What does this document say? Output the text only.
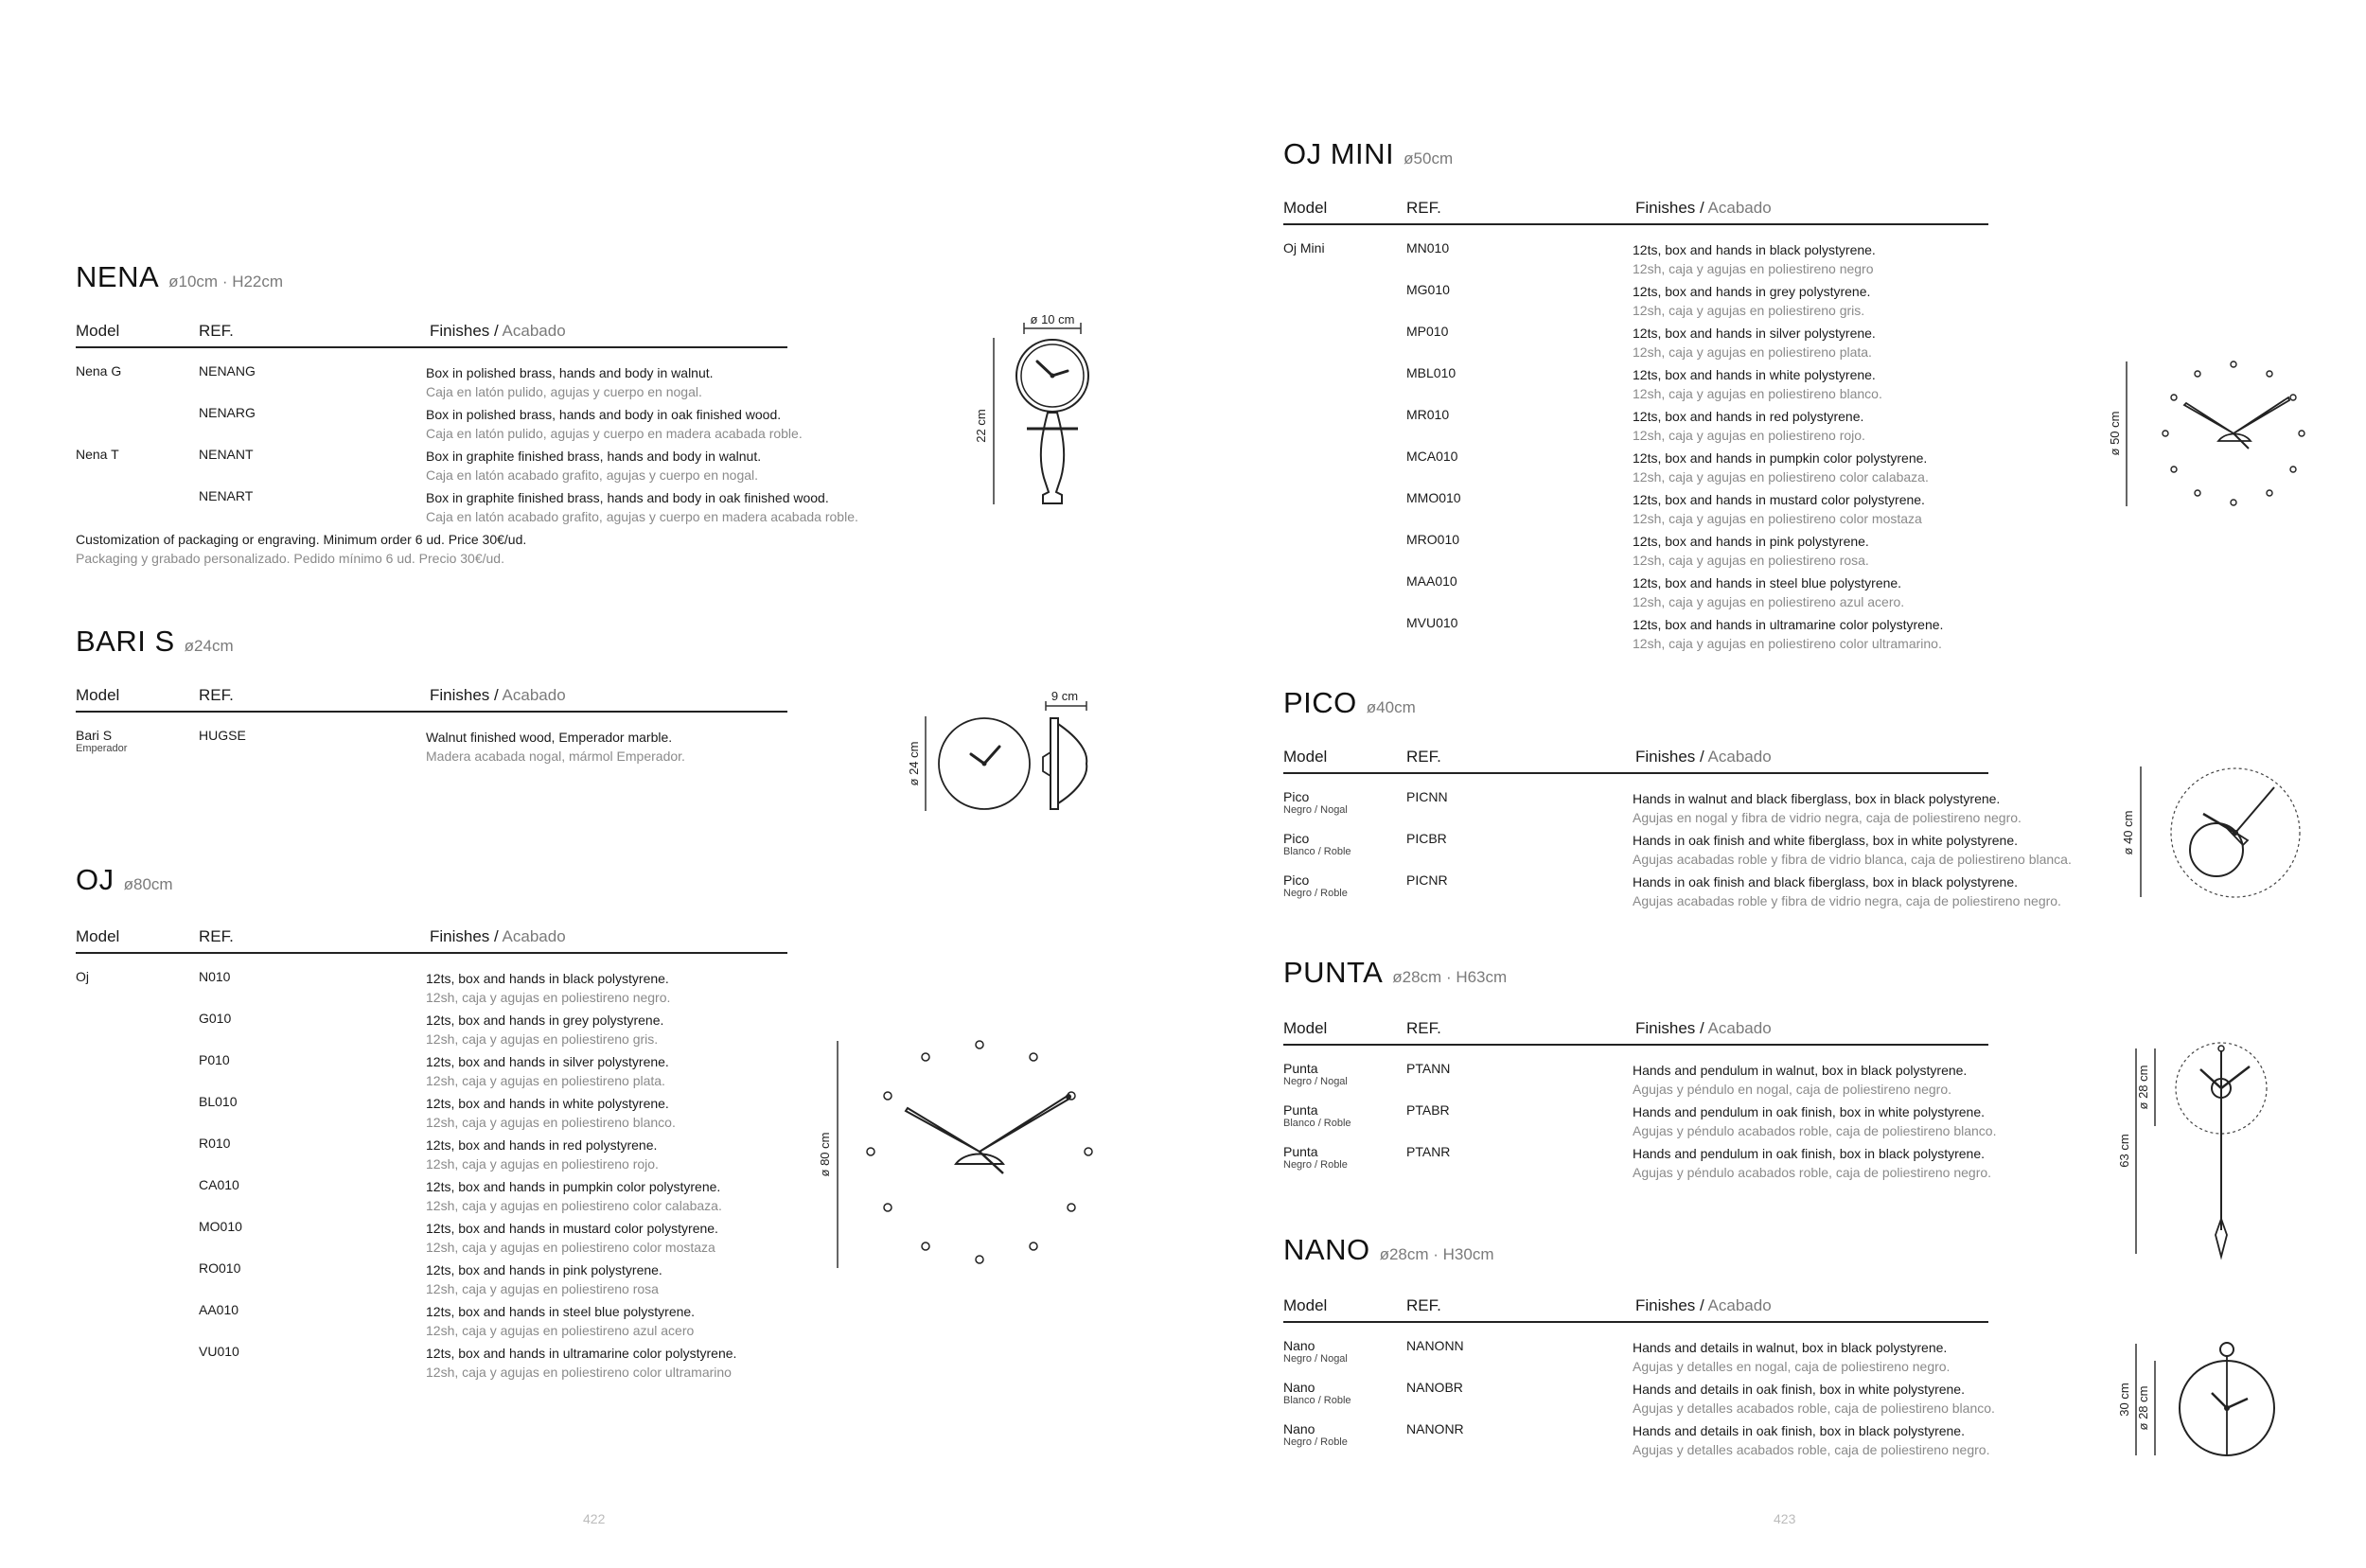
NENA ø10cm · H22cm
Model	REF.	Finishes / Acabado
Nena G	NENANG	Box in polished brass, hands and body in walnut.
Caja en latón pulido, agujas y cuerpo en nogal.
NENARG	Box in polished brass, hands and body in oak finished wood.
Caja en latón pulido, agujas y cuerpo en madera acabada roble.
Nena T	NENANT	Box in graphite finished brass, hands and body in walnut.
Caja en latón acabado grafito, agujas y cuerpo en nogal.
NENART	Box in graphite finished brass, hands and body in oak finished wood.
Caja en latón acabado grafito, agujas y cuerpo en madera acabada roble.
Customization of packaging or engraving. Minimum order 6 ud. Price 30€/ud.
Packaging y grabado personalizado. Pedido mínimo 6 ud. Precio 30€/ud.
ø 10 cm
22 cm
BARI S ø24cm
Model	REF.	Finishes / Acabado
Bari S
Emperador
HUGSE	Walnut finished wood, Emperador marble.
Madera acabada nogal, mármol Emperador.
9 cm
ø 24 cm
OJ ø80cm
Model	REF.	Finishes / Acabado
Oj	N010	12ts, box and hands in black polystyrene.
12sh, caja y agujas en poliestireno negro.
G010	12ts, box and hands in grey polystyrene.
12sh, caja y agujas en poliestireno gris.
P010	12ts, box and hands in silver polystyrene.
12sh, caja y agujas en poliestireno plata.
BL010	12ts, box and hands in white polystyrene.
12sh, caja y agujas en poliestireno blanco.
R010	12ts, box and hands in red polystyrene.
12sh, caja y agujas en poliestireno rojo.
CA010	12ts, box and hands in pumpkin color polystyrene.
12sh, caja y agujas en poliestireno color calabaza.
MO010	12ts, box and hands in mustard color polystyrene.
12sh, caja y agujas en poliestireno color mostaza
RO010	12ts, box and hands in pink polystyrene.
12sh, caja y agujas en poliestireno rosa
AA010	12ts, box and hands in steel blue polystyrene.
12sh, caja y agujas en poliestireno azul acero
VU010	12ts, box and hands in ultramarine color polystyrene.
12sh, caja y agujas en poliestireno color ultramarino
ø 80 cm
422
OJ MINI ø50cm
Model	REF.	Finishes / Acabado
Oj Mini	MN010	12ts, box and hands in black polystyrene.
12sh, caja y agujas en poliestireno negro
MG010	12ts, box and hands in grey polystyrene.
12sh, caja y agujas en poliestireno gris.
MP010	12ts, box and hands in silver polystyrene.
12sh, caja y agujas en poliestireno plata.
MBL010	12ts, box and hands in white polystyrene.
12sh, caja y agujas en poliestireno blanco.
MR010	12ts, box and hands in red polystyrene.
12sh, caja y agujas en poliestireno rojo.
MCA010	12ts, box and hands in pumpkin color polystyrene.
12sh, caja y agujas en poliestireno color calabaza.
MMO010	12ts, box and hands in mustard color polystyrene.
12sh, caja y agujas en poliestireno color mostaza
MRO010	12ts, box and hands in pink polystyrene.
12sh, caja y agujas en poliestireno rosa.
MAA010	12ts, box and hands in steel blue polystyrene.
12sh, caja y agujas en poliestireno azul acero.
MVU010	12ts, box and hands in ultramarine color polystyrene.
12sh, caja y agujas en poliestireno color ultramarino.
ø 50 cm
PICO ø40cm
Model	REF.	Finishes / Acabado
Pico
Negro / Nogal
PICNN	Hands in walnut and black fiberglass, box in black polystyrene.
Agujas en nogal y fibra de vidrio negra, caja de poliestireno negro.
Pico
Blanco / Roble
PICBR	Hands in oak finish and white fiberglass, box in white polystyrene.
Agujas acabadas roble y fibra de vidrio blanca, caja de poliestireno blanca.
Pico
Negro / Roble
PICNR	Hands in oak finish and black fiberglass, box in black polystyrene.
Agujas acabadas roble y fibra de vidrio negra, caja de poliestireno negro.
ø 40 cm
PUNTA ø28cm · H63cm
Model	REF.	Finishes / Acabado
Punta
Negro / Nogal
PTANN	Hands and pendulum in walnut, box in black polystyrene.
Agujas y péndulo en nogal, caja de poliestireno negro.
Punta
Blanco / Roble
PTABR	Hands and pendulum in oak finish, box in white polystyrene.
Agujas y péndulo acabados roble, caja de poliestireno blanco.
Punta
Negro / Roble
PTANR	Hands and pendulum in oak finish, box in black polystyrene.
Agujas y péndulo acabados roble, caja de poliestireno negro.
63 cm
ø 28 cm
NANO ø28cm · H30cm
Model	REF.	Finishes / Acabado
Nano
Negro / Nogal
NANONN	Hands and details in walnut, box in black polystyrene.
Agujas y detalles en nogal, caja de poliestireno negro.
Nano
Blanco / Roble
NANOBR	Hands and details in oak finish, box in white polystyrene.
Agujas y detalles acabados roble, caja de poliestireno blanco.
Nano
Negro / Roble
NANONR	Hands and details in oak finish, box in black polystyrene.
Agujas y detalles acabados roble, caja de poliestireno negro.
30 cm ø 28 cm
423
